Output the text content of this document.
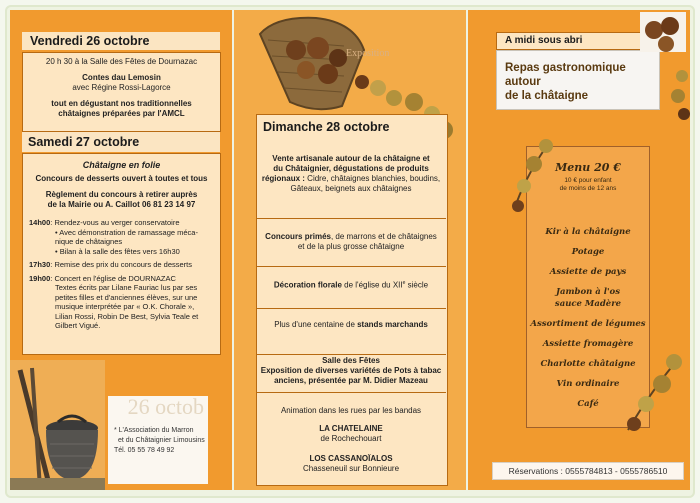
Vendredi 26 octobre
20 h 30 à la Salle des Fêtes de Dournazac
Contes dau Lemosin
avec Régine Rossi-Lagorce
tout en dégustant nos traditionnelles
châtaignes préparées par l'AMCL
Samedi 27 octobre
Châtaigne en folie
Concours de desserts ouvert à toutes et tous
Règlement du concours à retirer auprès
de la Mairie ou A. Caillot 06 81 23 14 97
14h00: Rendez-vous au verger conservatoire
• Avec démonstration de ramassage méca-
nique de châtaignes
• Bilan à la salle des fêtes vers 16h30
17h30: Remise des prix du concours de desserts
19h00: Concert en l'église de DOURNAZAC
Textes écrits par Lilane Fauriac lus par ses
petites filles et d'anciennes élèves, sur une
musique interprétée par « O.K. Chorale »,
Lilian Rossi, Robin De Best, Sylvia Teale et
Gilbert Vigué.
26 octob
* L'Association du Marron
et du Châtaignier Limousins
Tél. 05 55 78 49 92
Exposition
Dimanche 28 octobre
Vente artisanale autour de la châtaigne et
du Châtaignier, dégustations de produits
régionaux : Cidre, châtaignes blanchies, boudins,
Gâteaux, beignets aux châtaignes
Concours primés, de marrons et de châtaignes
et de la plus grosse châtaigne
Décoration florale de l'église du XIIe siècle
Plus d'une centaine de stands marchands
Salle des Fêtes
Exposition de diverses variétés de Pots à tabac
anciens, présentée par M. Didier Mazeau
Animation dans les rues par les bandas
LA CHATELAINE
de Rochechouart
LOS CASSANOÏALOS
Chasseneuil sur Bonnieure
A midi sous abri
Repas gastronomique
autour
de la châtaigne
Menu 20 €
10 € pour enfant
de moins de 12 ans
Kir à la châtaigne
Potage
Assiette de pays
Jambon à l'os
sauce Madère
Assortiment de légumes
Assiette fromagère
Charlotte châtaigne
Vin ordinaire
Café
Réservations : 0555784813 - 0555786510
